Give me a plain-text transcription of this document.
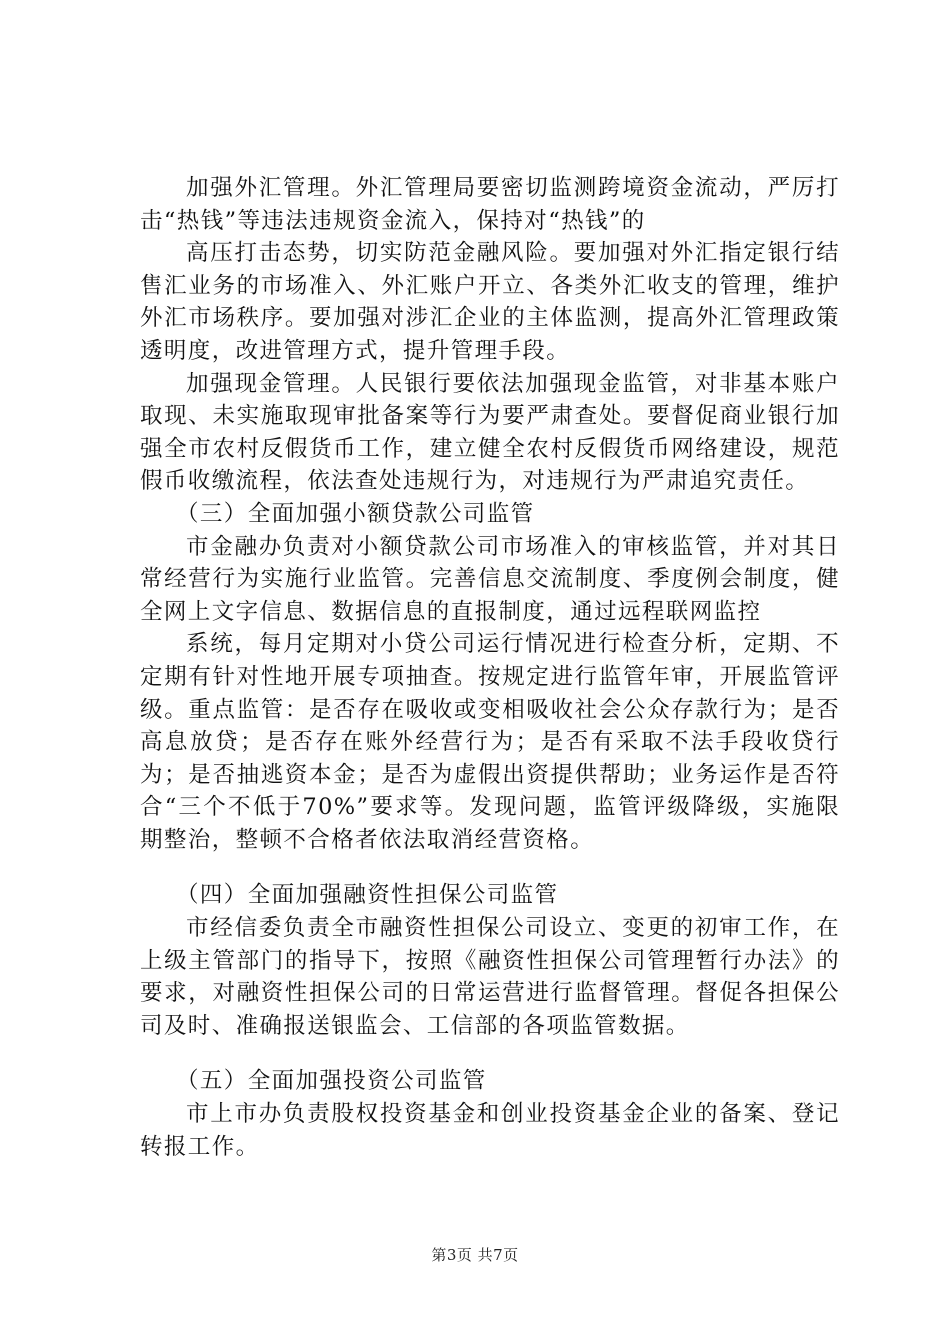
加强外汇管理。外汇管理局要密切监测跨境资金流动，严厉打击“热钱”等违法违规资金流入，保持对“热钱”的

高压打击态势，切实防范金融风险。要加强对外汇指定银行结售汇业务的市场准入、外汇账户开立、各类外汇收支的管理，维护外汇市场秩序。要加强对涉汇企业的主体监测，提高外汇管理政策透明度，改进管理方式，提升管理手段。

加强现金管理。人民银行要依法加强现金监管，对非基本账户取现、未实施取现审批备案等行为要严肃查处。要督促商业银行加强全市农村反假货币工作，建立健全农村反假货币网络建设，规范假币收缴流程，依法查处违规行为，对违规行为严肃追究责任。

（三）全面加强小额贷款公司监管

市金融办负责对小额贷款公司市场准入的审核监管，并对其日常经营行为实施行业监管。完善信息交流制度、季度例会制度，健全网上文字信息、数据信息的直报制度，通过远程联网监控

系统，每月定期对小贷公司运行情况进行检查分析，定期、不定期有针对性地开展专项抽查。按规定进行监管年审，开展监管评级。重点监管：是否存在吸收或变相吸收社会公众存款行为；是否高息放贷；是否存在账外经营行为；是否有采取不法手段收贷行为；是否抽逃资本金；是否为虚假出资提供帮助；业务运作是否符合“三个不低于70%”要求等。发现问题，监管评级降级，实施限期整治，整顿不合格者依法取消经营资格。

（四）全面加强融资性担保公司监管

市经信委负责全市融资性担保公司设立、变更的初审工作，在上级主管部门的指导下，按照《融资性担保公司管理暂行办法》的要求，对融资性担保公司的日常运营进行监督管理。督促各担保公司及时、准确报送银监会、工信部的各项监管数据。

（五）全面加强投资公司监管

市上市办负责股权投资基金和创业投资基金企业的备案、登记转报工作。

第3页 共7页
